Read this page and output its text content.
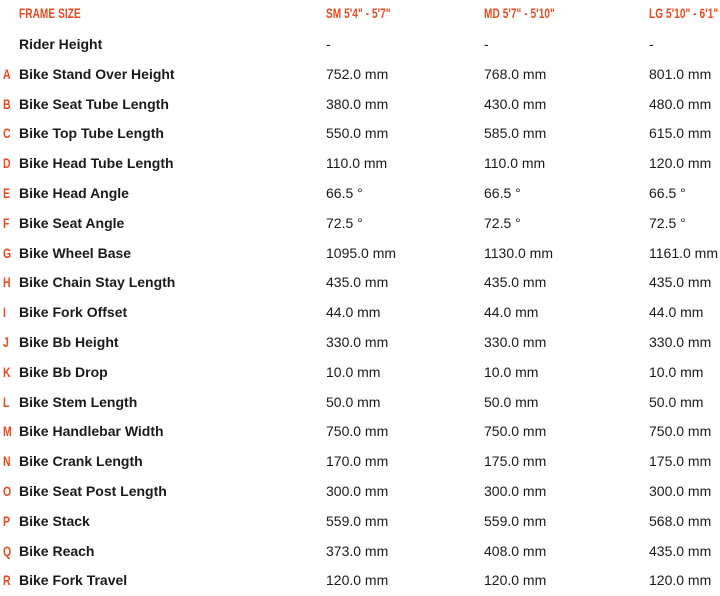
FRAME SIZE	SM 5'4" - 5'7"	MD 5'7" - 5'10"	LG 5'10" - 6'1"
Rider Height	-	-	-
A Bike Stand Over Height	752.0 mm	768.0 mm	801.0 mm
B Bike Seat Tube Length	380.0 mm	430.0 mm	480.0 mm
C Bike Top Tube Length	550.0 mm	585.0 mm	615.0 mm
D Bike Head Tube Length	110.0 mm	110.0 mm	120.0 mm
E Bike Head Angle	66.5 °	66.5 °	66.5 °
F Bike Seat Angle	72.5 °	72.5 °	72.5 °
G Bike Wheel Base	1095.0 mm	1130.0 mm	1161.0 mm
H Bike Chain Stay Length	435.0 mm	435.0 mm	435.0 mm
I Bike Fork Offset	44.0 mm	44.0 mm	44.0 mm
J Bike Bb Height	330.0 mm	330.0 mm	330.0 mm
K Bike Bb Drop	10.0 mm	10.0 mm	10.0 mm
L Bike Stem Length	50.0 mm	50.0 mm	50.0 mm
M Bike Handlebar Width	750.0 mm	750.0 mm	750.0 mm
N Bike Crank Length	170.0 mm	175.0 mm	175.0 mm
O Bike Seat Post Length	300.0 mm	300.0 mm	300.0 mm
P Bike Stack	559.0 mm	559.0 mm	568.0 mm
Q Bike Reach	373.0 mm	408.0 mm	435.0 mm
R Bike Fork Travel	120.0 mm	120.0 mm	120.0 mm
